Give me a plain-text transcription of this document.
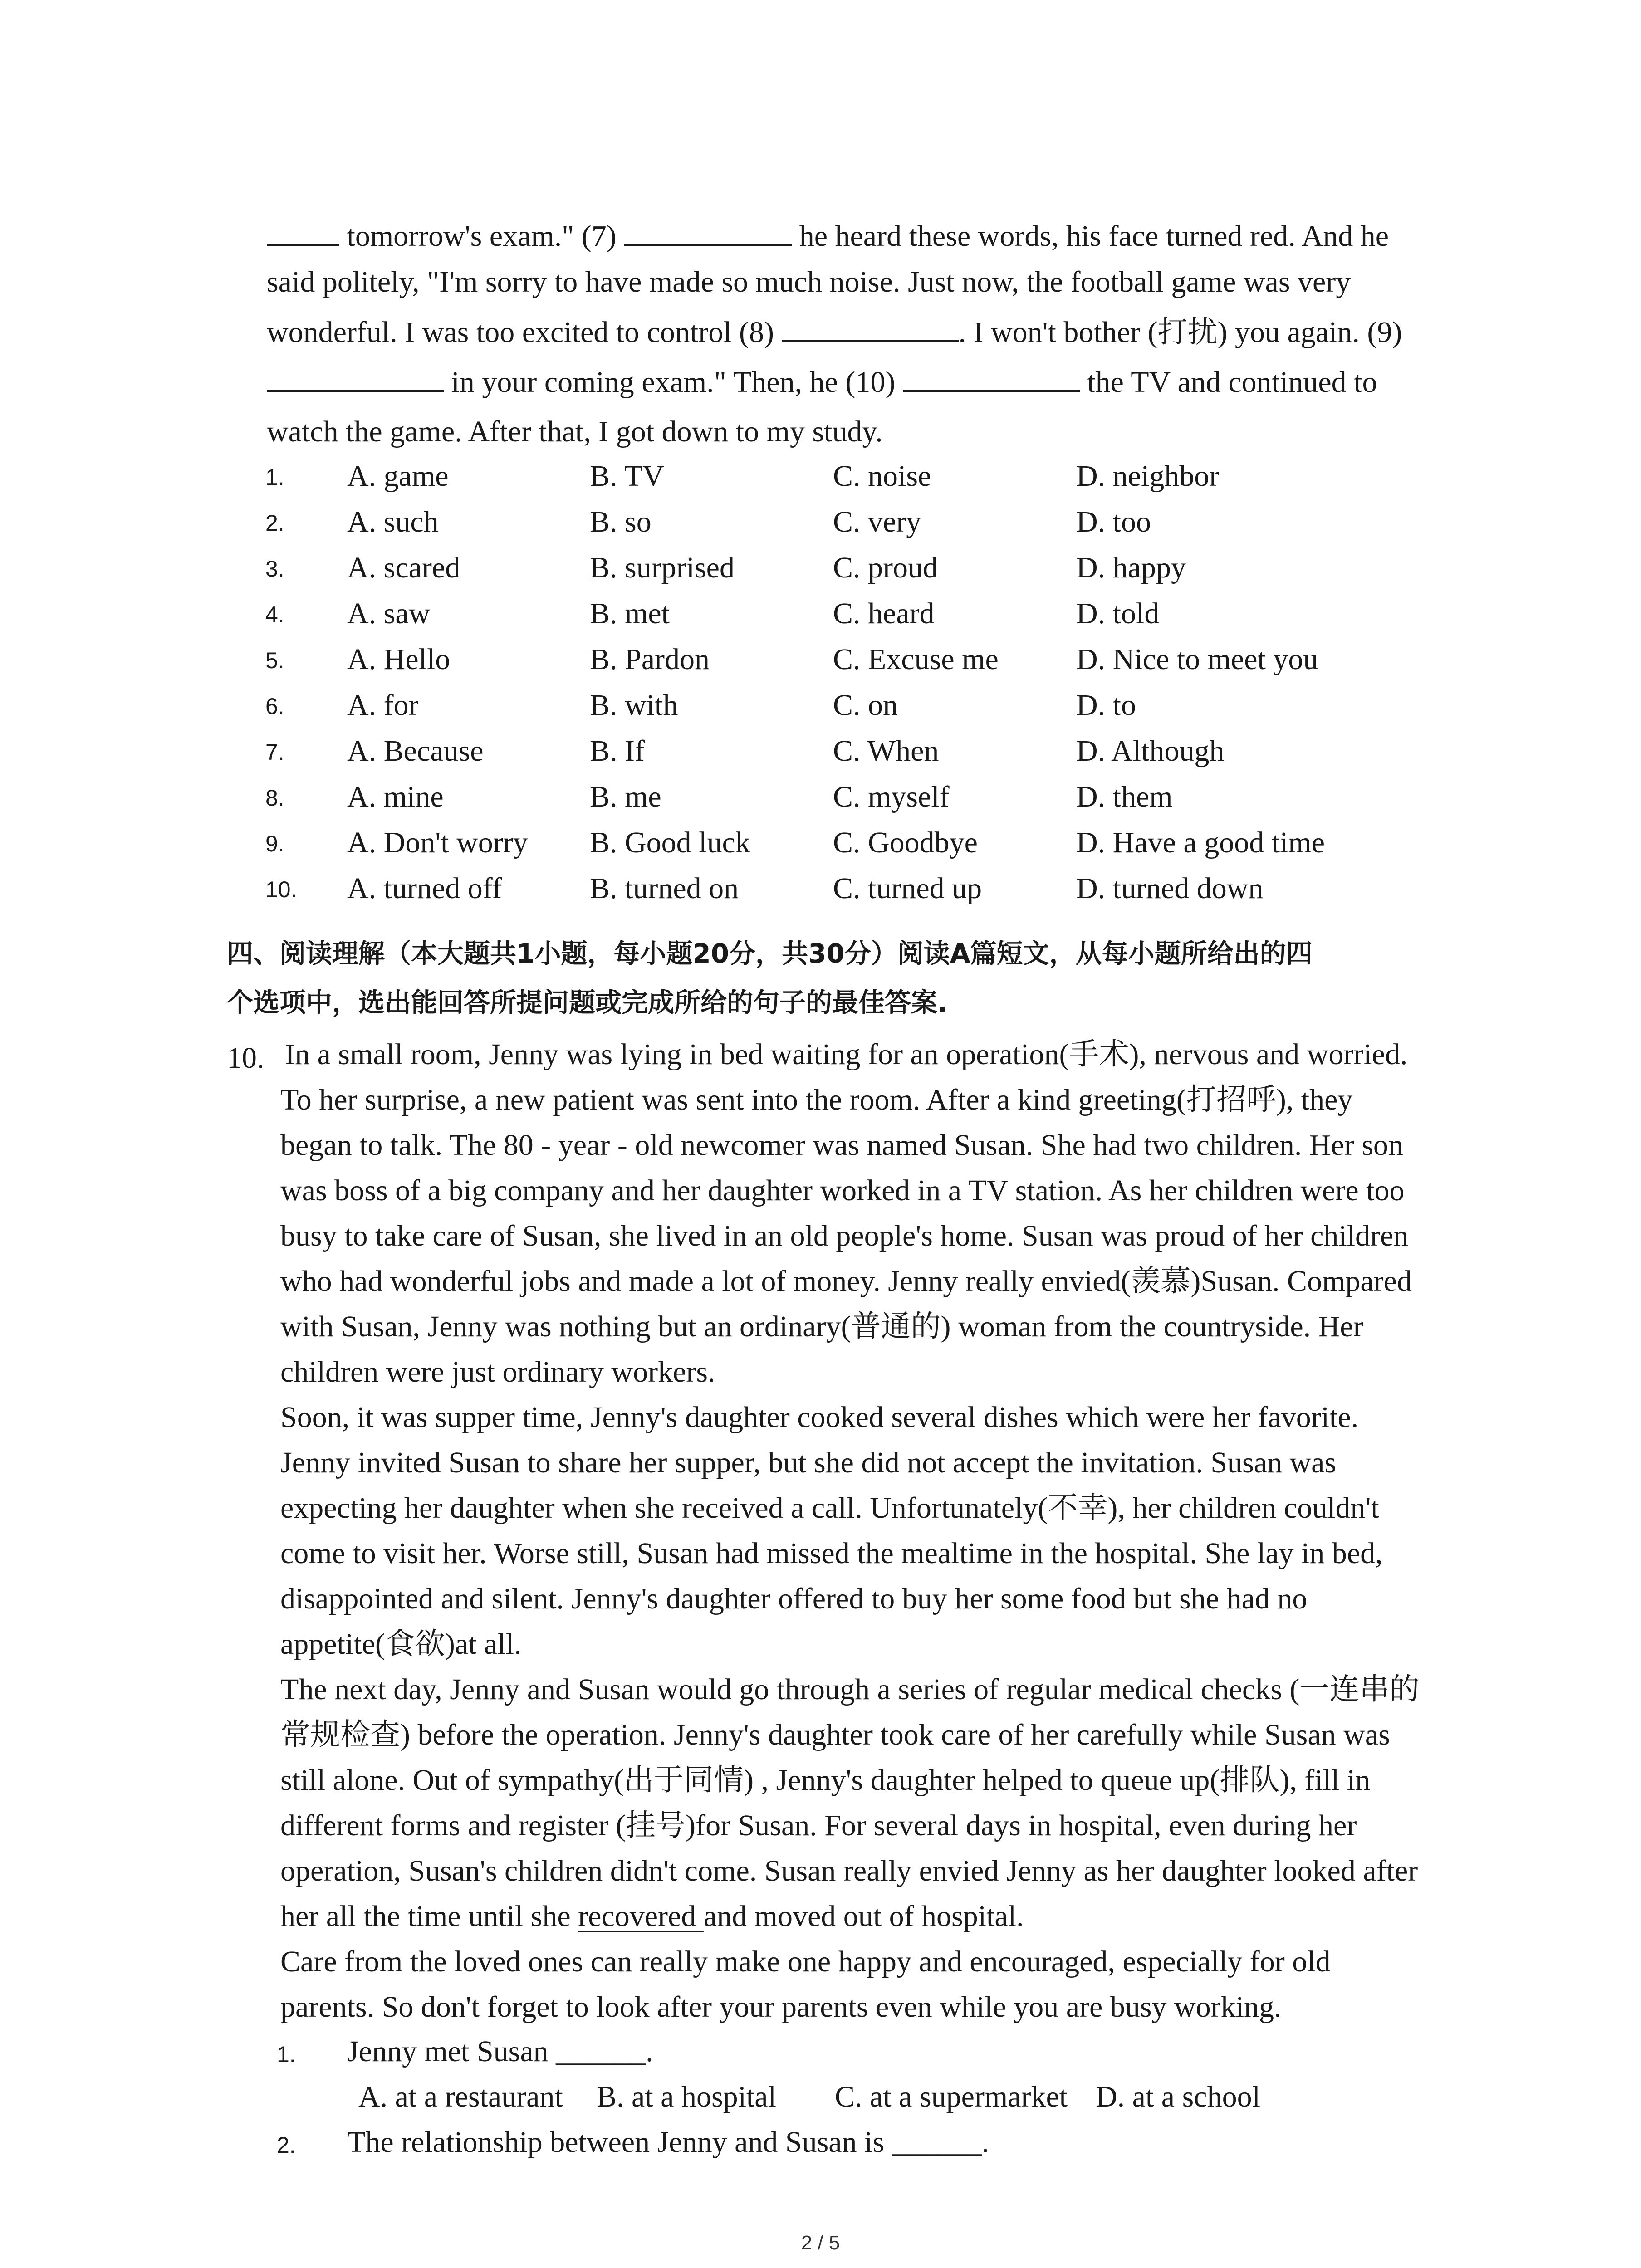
tomorrow's exam." (7)	he heard these words, his face turned red. And he
said politely, "I'm sorry to have made so much noise. Just now, the football game was very
wonderful. I was too excited to control (8)	. I won't bother (打扰) you again. (9)
in your coming exam." Then, he (10)	the TV and continued to
watch the game. After that, I got down to my study.
1. A. game	B. TV	C. noise	D. neighbor
2. A. such	B. so	C. very	D. too
3. A. scared	B. surprised	C. proud	D. happy
4. A. saw	B. met	C. heard	D. told
5. A. Hello	B. Pardon	C. Excuse me	D. Nice to meet you
6. A. for	B. with	C. on	D. to
7. A. Because	B. If	C. When	D. Although
8. A. mine	B. me	C. myself	D. them
9. A. Don't worry B. Good luck	C. Goodbye	D. Have a good time
10. A. turned off	B. turned on	C. turned up	D. turned down
四、阅读理解（本大题共1小题，每小题20分，共30分）阅读A篇短文，从每小题所给出的四
个选项中，选出能回答所提问题或完成所给的句子的最佳答案.
10. In a small room, Jenny was lying in bed waiting for an operation(手术), nervous and worried.
To her surprise, a new patient was sent into the room. After a kind greeting(打招呼), they
began to talk. The 80 - year - old newcomer was named Susan. She had two children. Her son
was boss of a big company and her daughter worked in a TV station. As her children were too
busy to take care of Susan, she lived in an old people's home. Susan was proud of her children
who had wonderful jobs and made a lot of money. Jenny really envied(羡慕)Susan. Compared
with Susan, Jenny was nothing but an ordinary(普通的) woman from the countryside. Her
children were just ordinary workers.
Soon, it was supper time, Jenny's daughter cooked several dishes which were her favorite.
Jenny invited Susan to share her supper, but she did not accept the invitation. Susan was
expecting her daughter when she received a call. Unfortunately(不幸), her children couldn't
come to visit her. Worse still, Susan had missed the mealtime in the hospital. She lay in bed,
disappointed and silent. Jenny's daughter offered to buy her some food but she had no
appetite(食欲)at all.
The next day, Jenny and Susan would go through a series of regular medical checks (一连串的
常规检查) before the operation. Jenny's daughter took care of her carefully while Susan was
still alone. Out of sympathy(出于同情) , Jenny's daughter helped to queue up(排队), fill in
different forms and register (挂号)for Susan. For several days in hospital, even during her
operation, Susan's children didn't come. Susan really envied Jenny as her daughter looked after
her all the time until she recovered and moved out of hospital.
Care from the loved ones can really make one happy and encouraged, especially for old
parents. So don't forget to look after your parents even while you are busy working.
1. Jenny met Susan ______.
A. at a restaurant B. at a hospital C. at a supermarket D. at a school
2. The relationship between Jenny and Susan is ______.
2 / 5
